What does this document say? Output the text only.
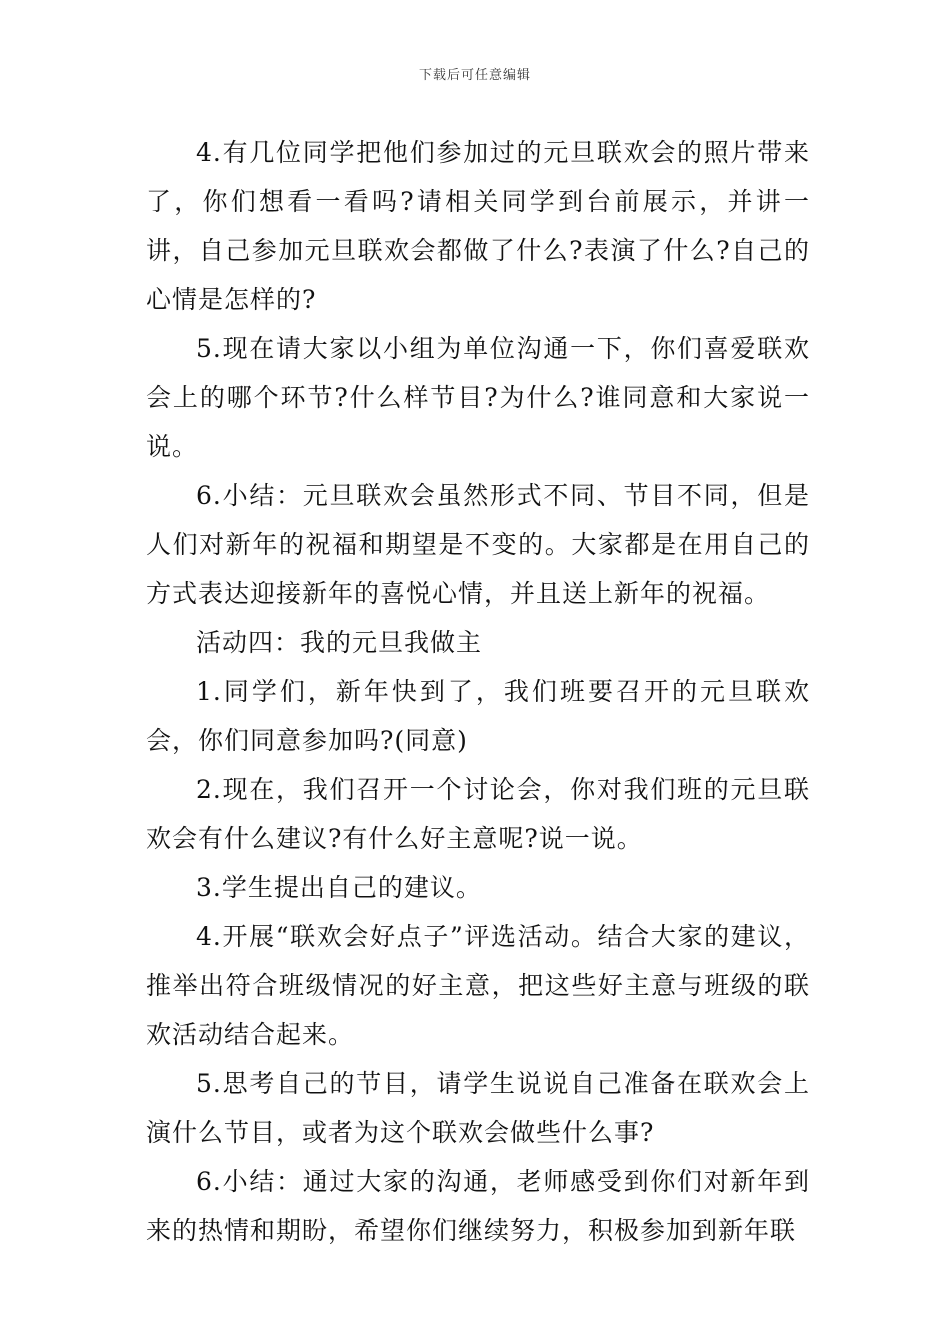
下载后可任意编辑

4.有几位同学把他们参加过的元旦联欢会的照片带来了，你们想看一看吗?请相关同学到台前展示，并讲一讲，自己参加元旦联欢会都做了什么?表演了什么?自己的心情是怎样的?

5.现在请大家以小组为单位沟通一下，你们喜爱联欢会上的哪个环节?什么样节目?为什么?谁同意和大家说一说。

6.小结：元旦联欢会虽然形式不同、节目不同，但是人们对新年的祝福和期望是不变的。大家都是在用自己的方式表达迎接新年的喜悦心情，并且送上新年的祝福。

活动四：我的元旦我做主

1.同学们，新年快到了，我们班要召开的元旦联欢会，你们同意参加吗?(同意)

2.现在，我们召开一个讨论会，你对我们班的元旦联欢会有什么建议?有什么好主意呢?说一说。

3.学生提出自己的建议。

4.开展“联欢会好点子”评选活动。结合大家的建议，推举出符合班级情况的好主意，把这些好主意与班级的联欢活动结合起来。

5.思考自己的节目，请学生说说自己准备在联欢会上演什么节目，或者为这个联欢会做些什么事?

6.小结：通过大家的沟通，老师感受到你们对新年到来的热情和期盼，希望你们继续努力，积极参加到新年联
